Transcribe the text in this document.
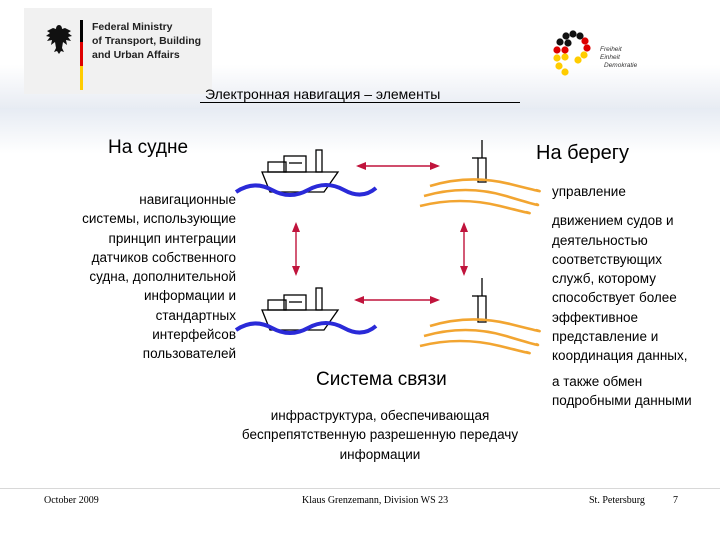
Federal Ministry
of Transport, Building
and Urban Affairs	Freiheit
Einheit
Demokratie
Электронная навигация – элементы
На судне	На берегу
Система связи
навигационные
системы, использующие
принцип интеграции
датчиков собственного
судна, дополнительной
информации и
стандартных
интерфейсов
пользователей
управление
движением судов и
деятельностью
соответствующих
служб, которому
способствует более
эффективное
представление и
координация данных,
а также обмен
подробными данными
инфраструктура, обеспечивающая
беспрепятственную разрешенную передачу
информации
October 2009	Klaus Grenzemann, Division WS 23	St. Petersburg	7
